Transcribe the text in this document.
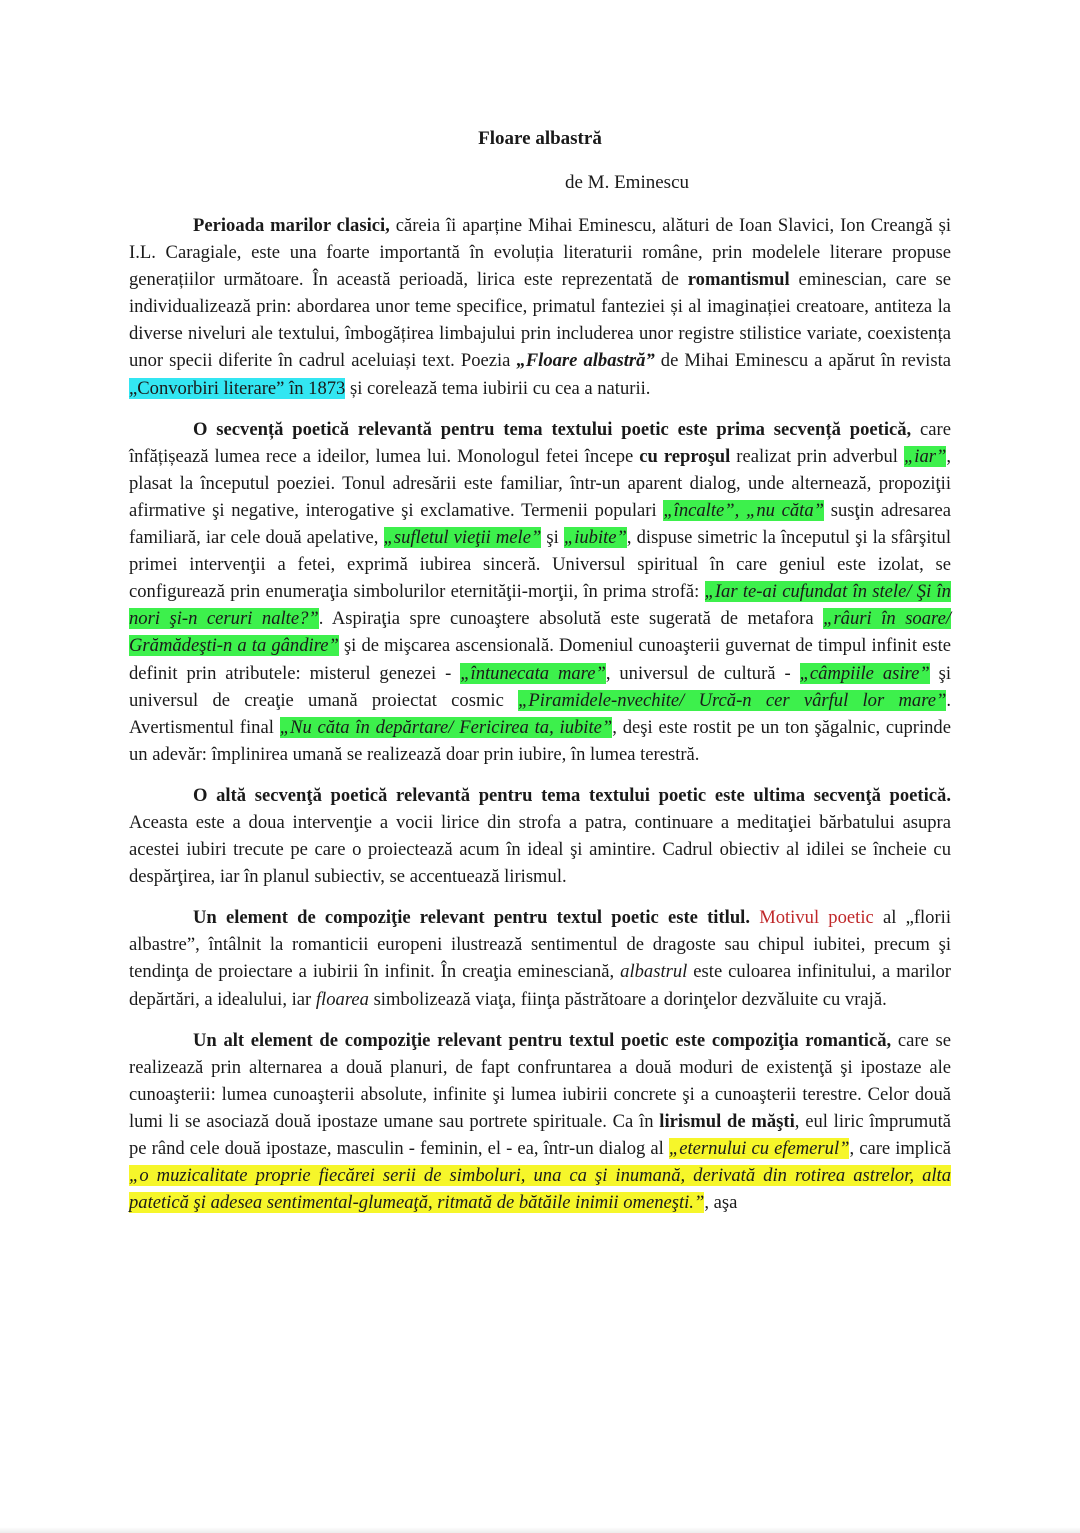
Floare albastră
de M. Eminescu

Perioada marilor clasici, căreia îi aparține Mihai Eminescu, alături de Ioan Slavici, Ion Creangă și I.L. Caragiale, este una foarte importantă în evoluția literaturii române, prin modelele literare propuse generațiilor următoare. În această perioadă, lirica este reprezentată de romantismul eminescian, care se individualizează prin: abordarea unor teme specifice, primatul fanteziei și al imaginației creatoare, antiteza la diverse niveluri ale textului, îmbogățirea limbajului prin includerea unor registre stilistice variate, coexistența unor specii diferite în cadrul aceluiași text. Poezia „Floare albastră” de Mihai Eminescu a apărut în revista „Convorbiri literare” în 1873 și corelează tema iubirii cu cea a naturii.

O secvență poetică relevantă pentru tema textului poetic este prima secvență poetică, care înfățișează lumea rece a ideilor, lumea lui. Monologul fetei începe cu reproşul realizat prin adverbul „iar”, plasat la începutul poeziei. Tonul adresării este familiar, într-un aparent dialog, unde alternează, propoziţii afirmative şi negative, interogative şi exclamative. Termenii populari „încalte”, „nu căta” susţin adresarea familiară, iar cele două apelative, „sufletul vieţii mele” şi „iubite”, dispuse simetric la începutul şi la sfârşitul primei intervenţii a fetei, exprimă iubirea sinceră. Universul spiritual în care geniul este izolat, se configurează prin enumeraţia simbolurilor eternităţii-morţii, în prima strofă: „Iar te-ai cufundat în stele/ Şi în nori şi-n ceruri nalte?”. Aspiraţia spre cunoaştere absolută este sugerată de metafora „râuri în soare/ Grămădeşti-n a ta gândire” şi de mişcarea ascensională. Domeniul cunoaşterii guvernat de timpul infinit este definit prin atributele: misterul genezei - „întunecata mare”, universul de cultură - „câmpiile asire” şi universul de creaţie umană proiectat cosmic „Piramidele-nvechite/ Urcă-n cer vârful lor mare”. Avertismentul final „Nu căta în depărtare/ Fericirea ta, iubite”, deşi este rostit pe un ton şăgalnic, cuprinde un adevăr: împlinirea umană se realizează doar prin iubire, în lumea terestră.

O altă secvenţă poetică relevantă pentru tema textului poetic este ultima secvenţă poetică. Aceasta este a doua intervenţie a vocii lirice din strofa a patra, continuare a meditaţiei bărbatului asupra acestei iubiri trecute pe care o proiectează acum în ideal şi amintire. Cadrul obiectiv al idilei se încheie cu despărţirea, iar în planul subiectiv, se accentuează lirismul.

Un element de compoziţie relevant pentru textul poetic este titlul. Motivul poetic al „florii albastre”, întâlnit la romanticii europeni ilustrează sentimentul de dragoste sau chipul iubitei, precum şi tendinţa de proiectare a iubirii în infinit. În creaţia eminesciană, albastrul este culoarea infinitului, a marilor depărtări, a idealului, iar floarea simbolizează viaţa, fiinţa păstrătoare a dorinţelor dezvăluite cu vrajă.

Un alt element de compoziţie relevant pentru textul poetic este compoziţia romantică, care se realizează prin alternarea a două planuri, de fapt confruntarea a două moduri de existenţă şi ipostaze ale cunoaşterii: lumea cunoaşterii absolute, infinite şi lumea iubirii concrete şi a cunoaşterii terestre. Celor două lumi li se asociază două ipostaze umane sau portrete spirituale. Ca în lirismul de măşti, eul liric împrumută pe rând cele două ipostaze, masculin - feminin, el - ea, într-un dialog al „eternului cu efemerul”, care implică „o muzicalitate proprie fiecărei serii de simboluri, una ca şi inumană, derivată din rotirea astrelor, alta patetică şi adesea sentimental-glumeaţă, ritmată de bătăile inimii omeneşti.”, aşa
